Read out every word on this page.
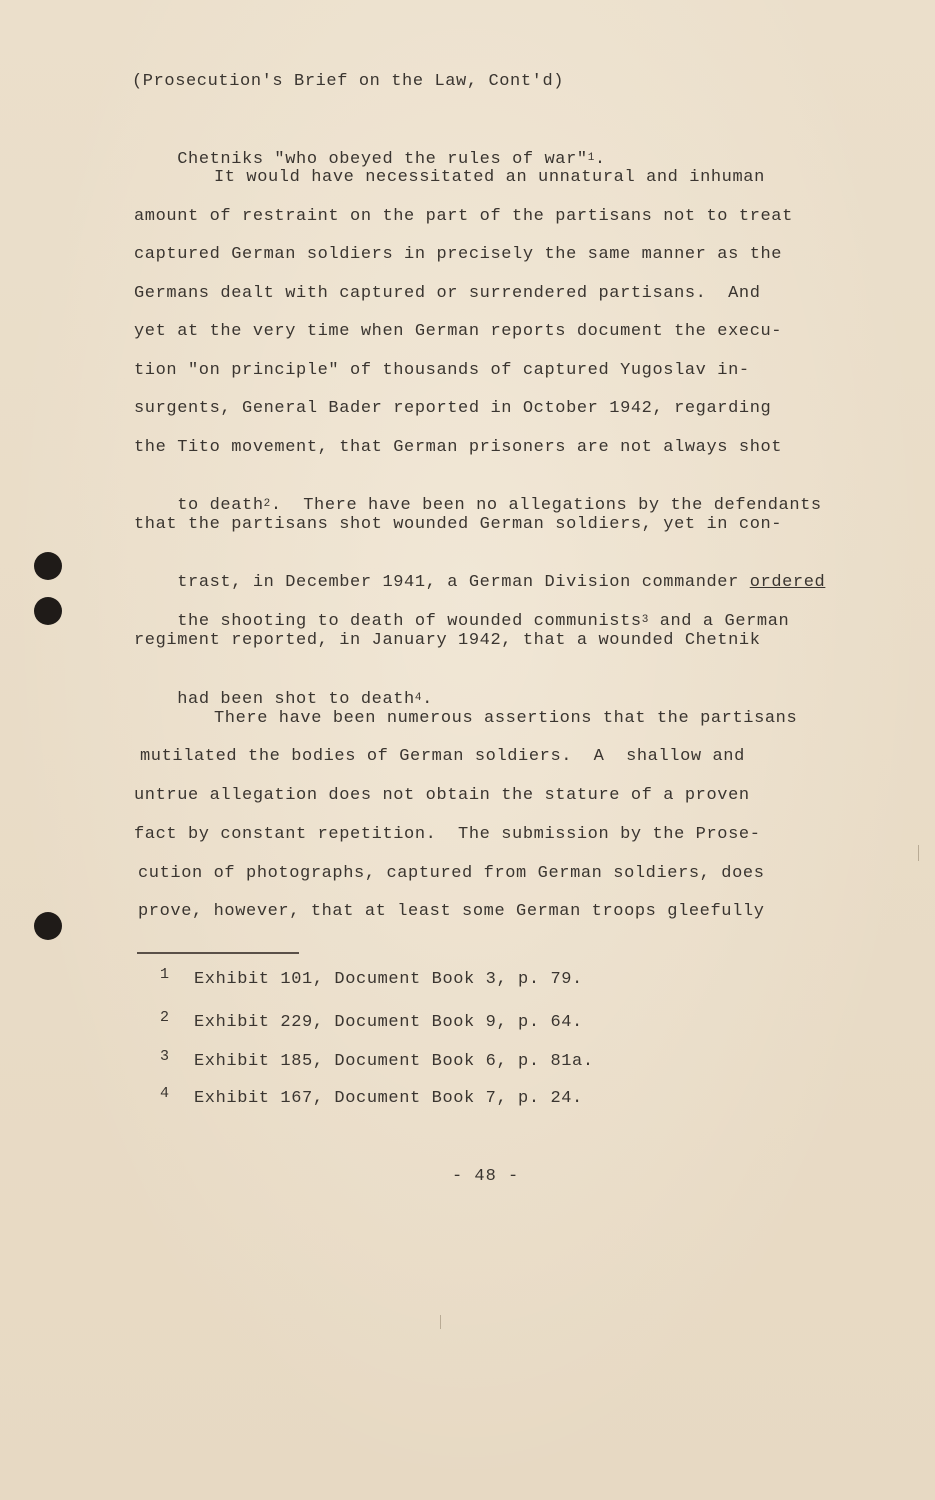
(Prosecution's Brief on the Law, Cont'd)

Chetniks "who obeyed the rules of war"$^1$.

It would have necessitated an unnatural and inhuman
amount of restraint on the part of the partisans not to treat
captured German soldiers in precisely the same manner as the
Germans dealt with captured or surrendered partisans.  And
yet at the very time when German reports document the execu-
tion "on principle" of thousands of captured Yugoslav in-
surgents, General Bader reported in October 1942, regarding
the Tito movement, that German prisoners are not always shot

to death$^2$.  There have been no allegations by the defendants

that the partisans shot wounded German soldiers, yet in con-

trast, in December 1941, a German Division commander ordered

the shooting to death of wounded communists$^3$ and a German

regiment reported, in January 1942, that a wounded Chetnik

had been shot to death$^4$.

There have been numerous assertions that the partisans
mutilated the bodies of German soldiers.  A  shallow and
untrue allegation does not obtain the stature of a proven
fact by constant repetition.  The submission by the Prose-
cution of photographs, captured from German soldiers, does
prove, however, that at least some German troops gleefully
1 Exhibit 101, Document Book 3, p. 79.
2 Exhibit 229, Document Book 9, p. 64.
3 Exhibit 185, Document Book 6, p. 81a.
4 Exhibit 167, Document Book 7, p. 24.
- 48 -
